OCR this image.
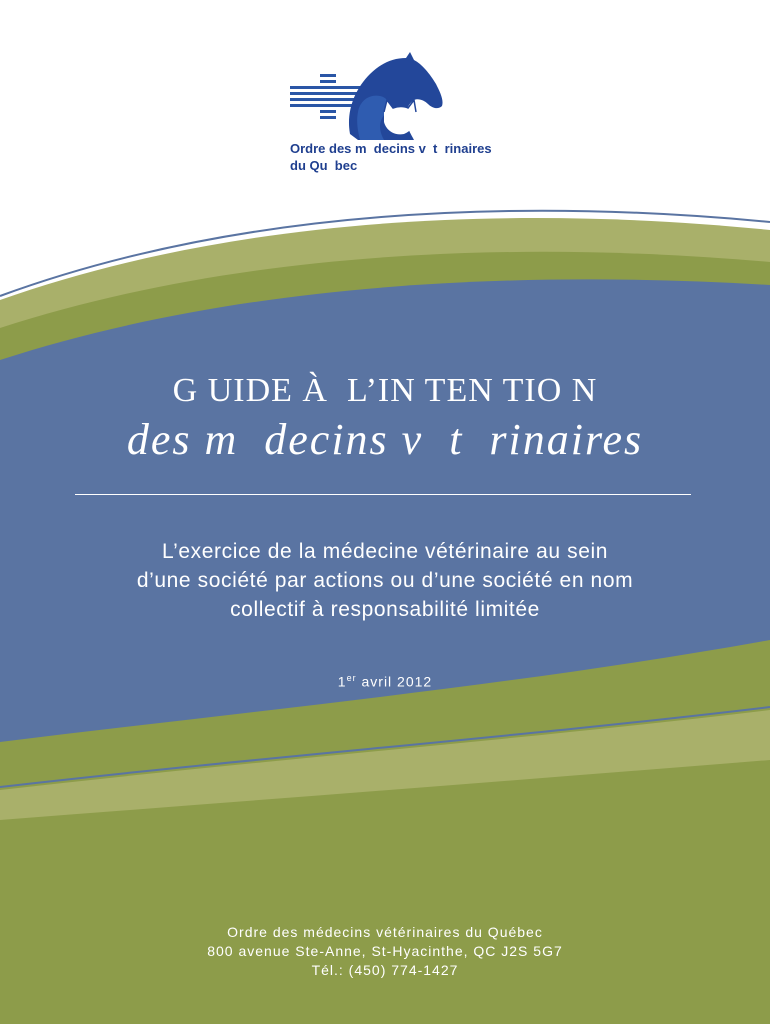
Ordre des m  decins v  t  rinaires
du Qu  bec
G UIDE À  L’IN TEN TIO N
des m  decins v  t  rinaires
L’exercice de la médecine vétérinaire au sein
d’une société par actions ou d’une société en nom
collectif à responsabilité limitée
1er avril 2012
Ordre des médecins vétérinaires du Québec
800 avenue Ste-Anne, St-Hyacinthe, QC J2S 5G7
Tél.: (450) 774-1427
